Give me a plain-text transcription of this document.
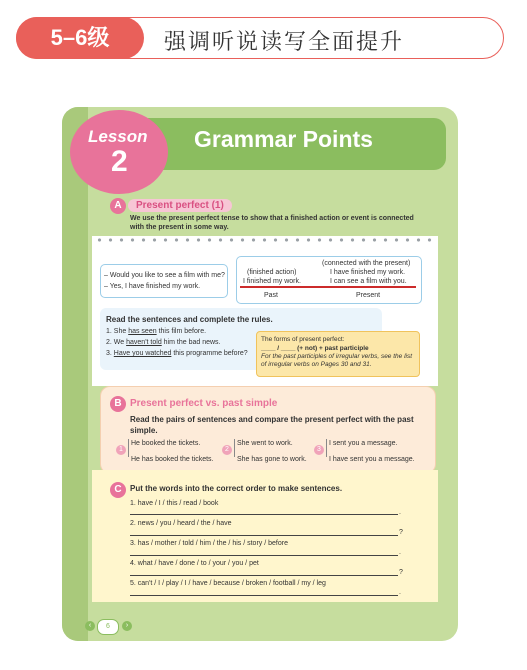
5–6级	强调听说读写全面提升
Grammar Points
Lesson
2
A	Present perfect (1)
We use the present perfect tense to show that a finished action or event is connected with the present in some way.
– Would you like to see a film with me?
– Yes, I have finished my work.
(finished action)
I finished my work.
(connected with the present)
I have finished my work.
I can see a film with you.
Past	Present
Read the sentences and complete the rules.
1. She has seen this film before.
2. We haven't told him the bad news.
3. Have you watched this programme before?
The forms of present perfect:
____ / ____ (+ not) + past participle
For the past participles of irregular verbs, see the list of irregular verbs on Pages 30 and 31.
B Present perfect vs. past simple
Read the pairs of sentences and compare the present perfect with the past simple.
1
He booked the tickets.
He has booked the tickets.
2
She went to work.
She has gone to work.
3
I sent you a message.
I have sent you a message.
C	Put the words into the correct order to make sentences.
1. have / I / this / read / book
.
2. news / you / heard / the / have
?
3. has / mother / told / him / the / his / story / before
.
4. what / have / done / to / your / you / pet
?
5. can't / I / play / I / have / because / broken / football / my / leg
.
‹	6	›
